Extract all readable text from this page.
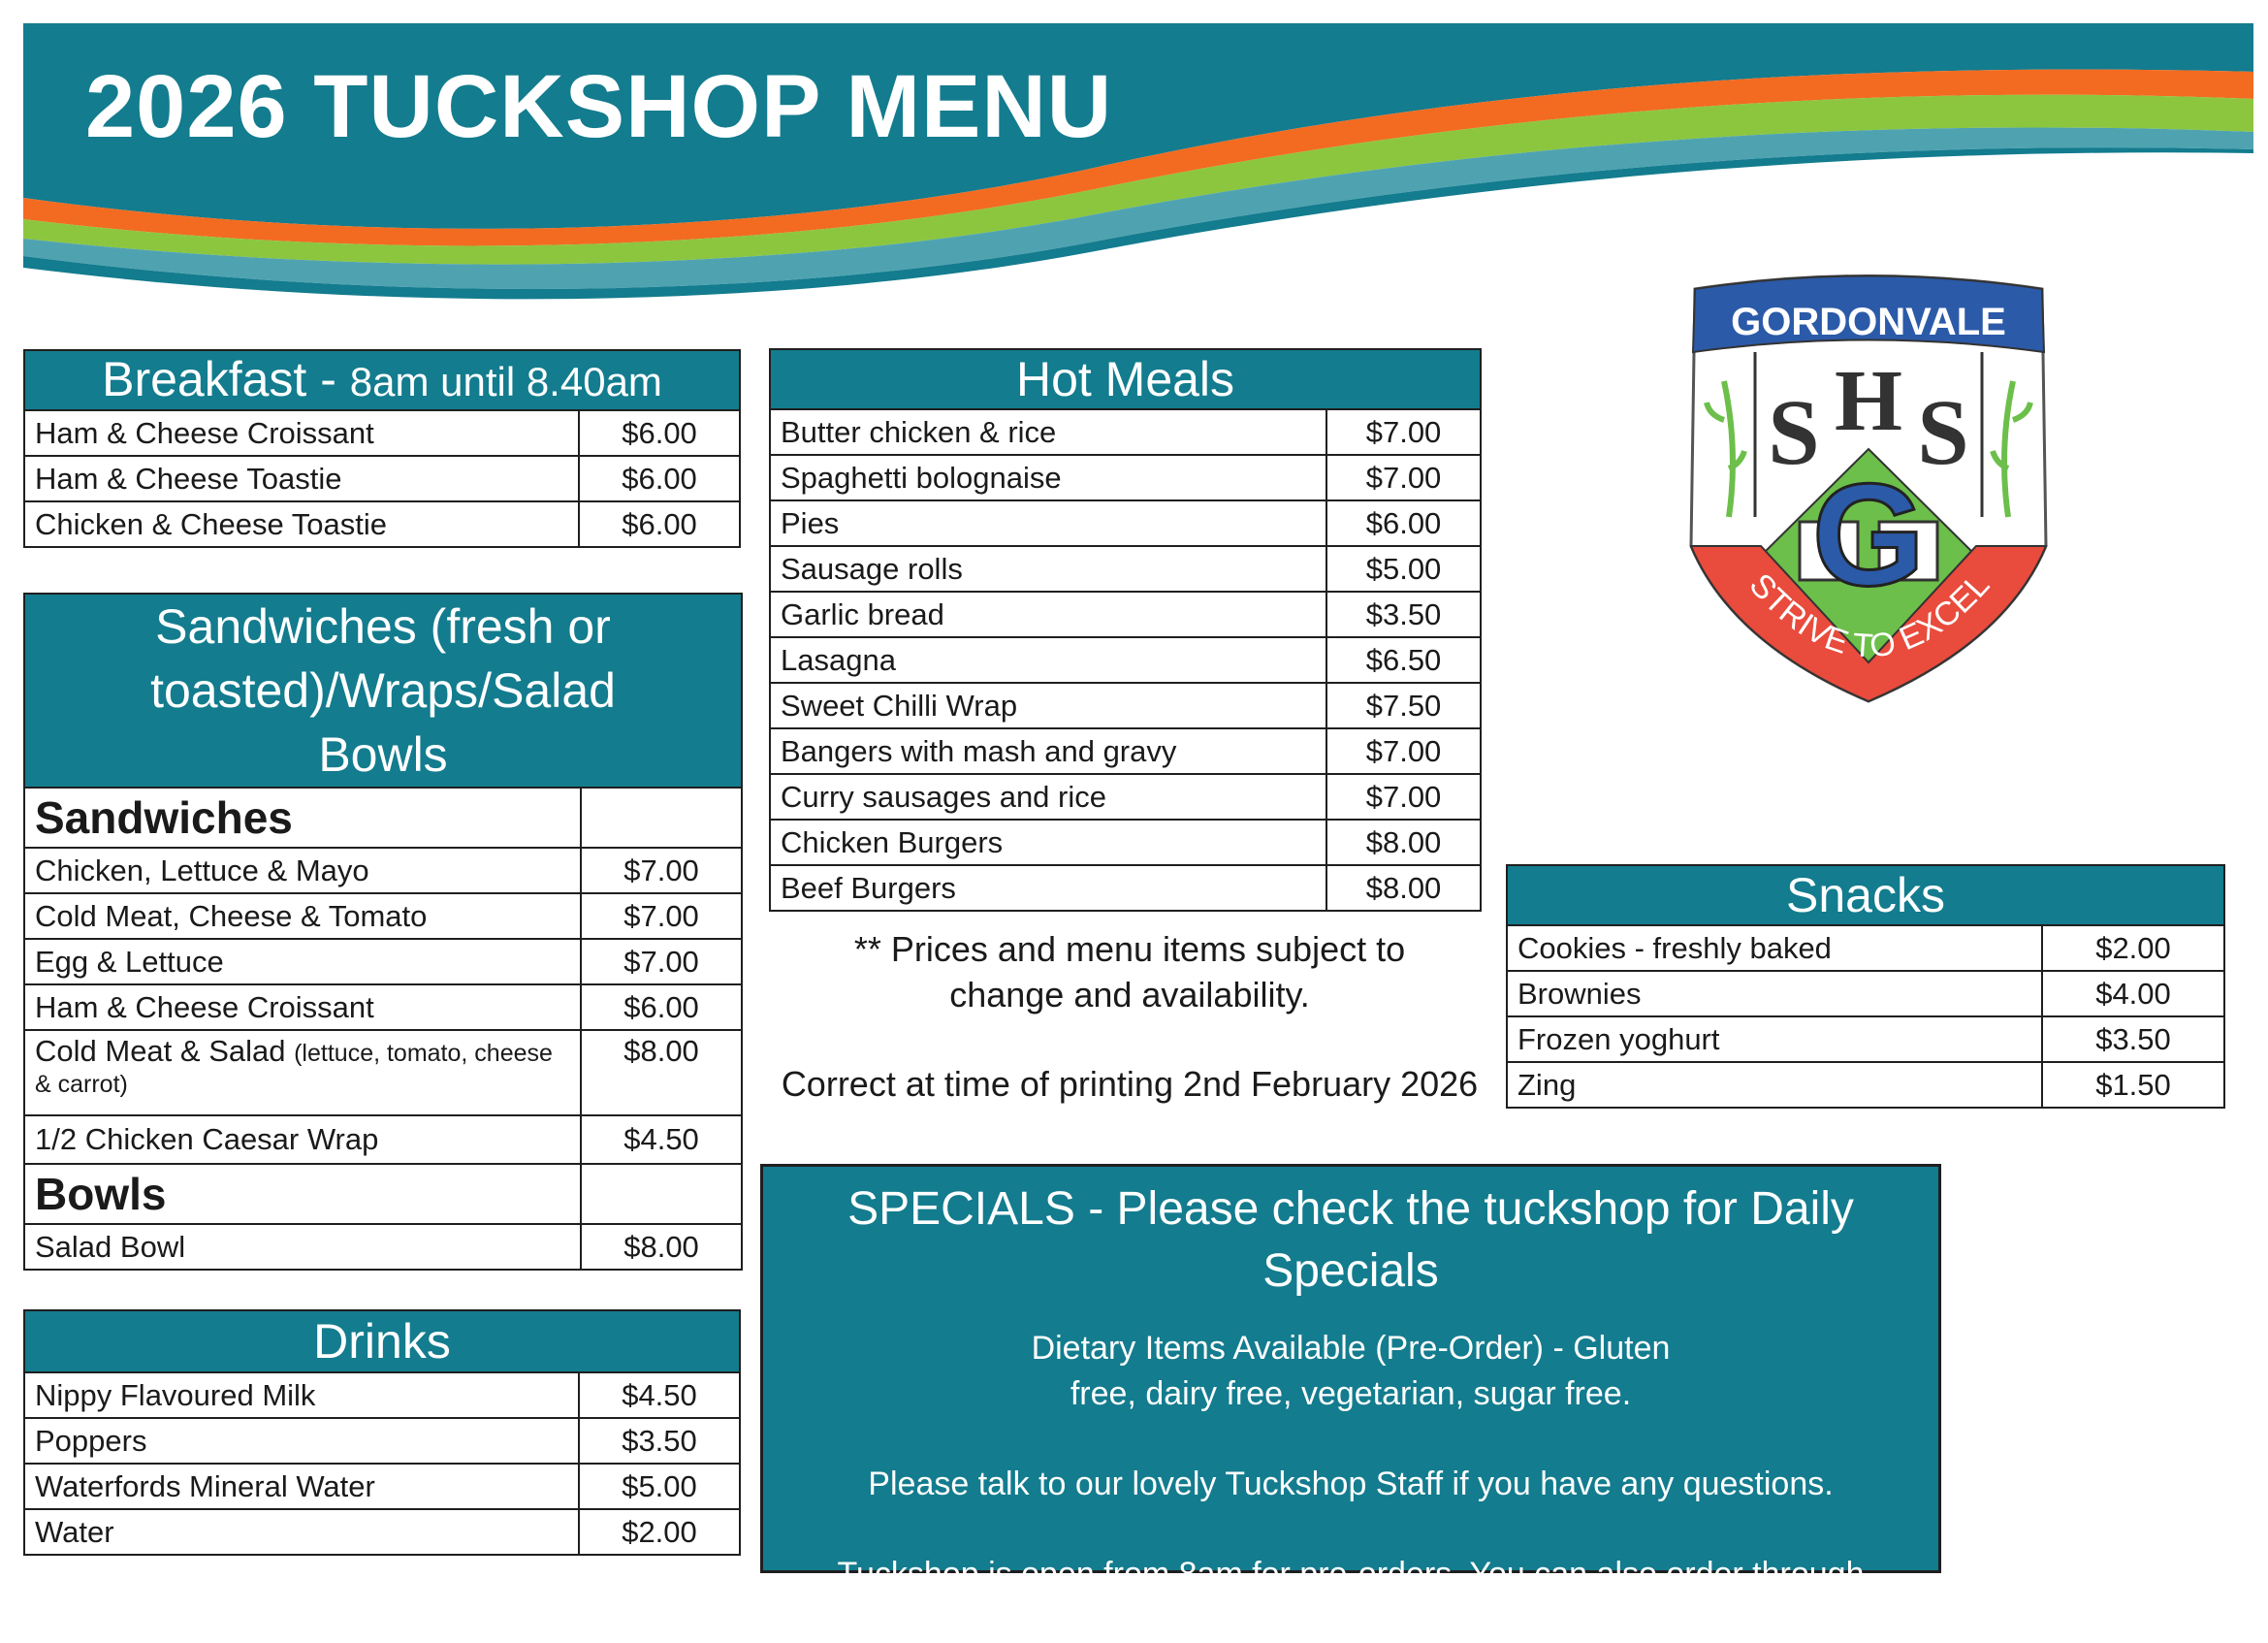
2026 TUCKSHOP MENU
Breakfast - 8am until 8.40am	
Ham & Cheese Croissant	$6.00
Ham & Cheese Toastie	$6.00
Chicken & Cheese Toastie	$6.00
Sandwiches (fresh or toasted)/Wraps/Salad Bowls	
Sandwiches	
Chicken, Lettuce & Mayo	$7.00
Cold Meat, Cheese & Tomato	$7.00
Egg & Lettuce	$7.00
Ham & Cheese Croissant	$6.00
Cold Meat & Salad (lettuce, tomato, cheese & carrot)	$8.00
1/2 Chicken Caesar Wrap	$4.50
Bowls	
Salad Bowl	$8.00
Drinks	
Nippy Flavoured Milk	$4.50
Poppers	$3.50
Waterfords Mineral Water	$5.00
Water	$2.00
Hot Meals	
Butter chicken & rice	$7.00
Spaghetti bolognaise	$7.00
Pies	$6.00
Sausage rolls	$5.00
Garlic bread	$3.50
Lasagna	$6.50
Sweet Chilli Wrap	$7.50
Bangers with mash and gravy	$7.00
Curry sausages and rice	$7.00
Chicken Burgers	$8.00
Beef Burgers	$8.00
** Prices and menu items subject to
change and availability.
Correct at time of printing 2nd February 2026
Snacks	
Cookies - freshly baked	$2.00
Brownies	$4.00
Frozen yoghurt	$3.50
Zing	$1.50
SPECIALS - Please check the tuckshop for Daily Specials

Dietary Items Available (Pre-Order) - Gluten free, dairy free, vegetarian, sugar free.

Please talk to our lovely Tuckshop Staff if you have any questions.

Tuckshop is open from 8am for pre-orders. You can also order through Flexischools (closes 9.30am) or phone 4043 3229.

GORDONVALE
S H S
G
STRIVE TO EXCEL
